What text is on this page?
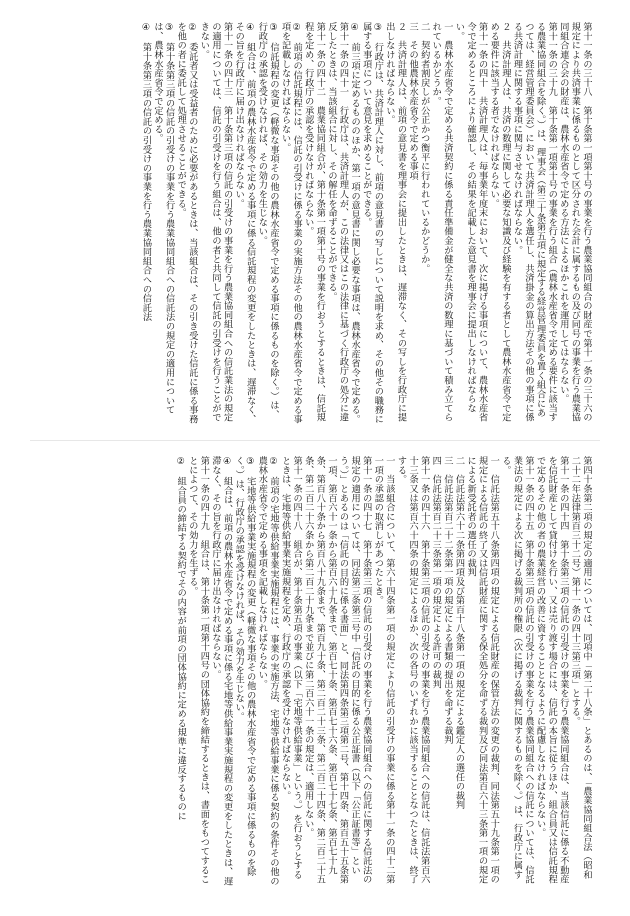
第十一条の三十八　第十条第一項第十号の事業を行う農業協同組合の財産で第十一条の三十六の規定により共済事業に係るものとして区分された会計に属するもの及び同号の事業を行う農業協同組合連合会の財産は、農林水産省令で定める方法によるほかこれを運用してはならない。

第十一条の三十九　第十条第一項第十号の事業を行う組合（農林水産省令で定める要件に該当する農業協同組合を除く。）は、理事会（第三十条第五項に規定する経営管理委員を置く組合にあつては、経営管理委員会）において共済計理人を選任し、共済掛金の算出方法その他の事項に係る共済計理に関する事項に関与させなければならない。

２　共済計理人は、共済の数理に関して必要な知識及び経験を有する者として農林水産省令で定める要件に該当する者でなければならない。

第十一条の四十　共済計理人は、毎事業年度末において、次に掲げる事項について、農林水産省令で定めるところにより確認し、その結果を記載した意見書を理事会に提出しなければならない。

一　農林水産省令で定める共済契約に係る責任準備金が健全な共済の数理に基づいて積み立てられているかどうか。

二　契約者割戻しが公正かつ衡平に行われているかどうか。

三　その他農林水産省令で定める事項

２　共済計理人は、前項の意見書を理事会に提出したときは、遅滞なく、その写しを行政庁に提出しなければならない。

③　行政庁は、共済計理人に対し、前項の意見書の写しについて説明を求め、その他その職務に属する事項について意見を求めることができる。

④　前三項に定めるもののほか、第一項の意見書に関し必要な事項は、農林水産省令で定める。

第十一条の四十一　行政庁は、共済計理人が、この法律又はこの法律に基づく行政庁の処分に違反したときは、当該組合に対し、その解任を命ずることができる。

第十一条の四十二　農業協同組合が、第十条第一項第十号の事業を行おうとするときは、信託規程を定め、行政庁の承認を受けなければならない。

②　前項の信託規程には、信託の引受けに係る事業の実施方法その他の農林水産省令で定める事項を記載しなければならない。

③　信託規程の変更（軽微な事項その他の農林水産省令で定める事項に係るものを除く。）は、行政庁の承認を受けなければ、その効力を生じない。

④　組合は、前項の農林水産省令で定める事項に係る信託規程の変更をしたときは、遅滞なく、その旨を行政庁に届け出なければならない。

第十一条の四十三　第十条第三項の信託の引受けの事業を行う農業協同組合への信託業法の規定の適用については、信託の引受けを行う組合は、他の者と共同して信託の引受けを行うことができない。

②　委託者又は受益者のために必要があるときは、当該組合は、その引き受けた信託に係る事務を他の者に委託して処理させることができる。

③　第十条第三項の信託の引受けの事業を行う農業協同組合への信託法の規定の適用については、農林水産省令で定める。

④　第十条第三項の信託の引受けの事業を行う農業協同組合への信託法

第四十条第二項の規定の適用については、同項中「第二十八条」とあるのは、「農業協同組合法（昭和二十二年法律第百三十二号）第十一条の四十三第三項」とする。

第十一条の四十四　第十条第三項の信託の引受けの事業を行う農業協同組合は、当該信託に係る不動産を信託財産として貸付けを行い、又は売り渡す場合には、信託の本旨に従うほか、組合員又は信託規程で定めるその他の者の農業経営の改善に資することとなるように配慮しなければならない。

第十一条の四十五　第十条第三項の信託の引受けの事業を行う農業協同組合への信託については、信託業法の規定による次に掲げる裁判所の権限（次に掲げる裁判に関するものを除く。）は、行政庁に属する。

一　信託法第五十八条第四項の規定による信託財産の保管方法の変更の裁判、同法第五十九条第一項の規定による信託の終了又は信託財産に関する保全処分を命ずる裁判及び同法第百六十三条第一項の規定による新受託者の選任の裁判

二　信託法第六十二条第四項及び第百十八条第一項の規定による鑑定人の選任の裁判

三　信託法第百二十二条第一項の規定による書類の提出を命ずる裁判

四　信託法第百二十三条第一項の規定による許可の裁判

第十一条の四十六　第十条第三項の信託の引受けの事業を行う農業協同組合への信託は、信託法第百六十三条又は第百六十四条の規定によるほか、次の各号のいずれかに該当することとなつたときは、終了する。

一　当該組合について、第六十四条第一項の規定により信託の引受けの事業に係る第十一条の四十二第一項の承認の取消しがあつたとき。

第十一条の四十七　第十条第三項の信託の引受けの事業を行う農業協同組合への信託に関する信託法の規定の適用については、同法第三条第三号中「信託の目的に係る公正証書（以下「公正証書等」という。）」とあるのは「信託の目的に係る書面」と、同法第四条第三項第二号、第十四条、第百五十五条第一項、第百六十一条から第百六十九条まで、第百七十条、第百七十六条、第百七十七条、第百七十九条、第百八十条から第百八十九条まで、第百九十条、第二百二十三条、第二百二十四条、第二百二十五条、第二百二十六条から第二百二十九条まで並びに第二百六十一条の規定は、適用しない。

第十一条の四十八　組合が、第十条第五項の事業（以下「宅地等供給事業」という。）を行おうとするときは、宅地等供給事業実施規程を定め、行政庁の承認を受けなければならない。

②　前項の宅地等供給事業実施規程には、事業の実施方法、宅地等供給事業に係る契約の条件その他の農林水産省令で定める事項を記載しなければならない。

③　宅地等供給事業実施規程の変更（軽微な事項その他の農林水産省令で定める事項に係るものを除く。）は、行政庁の承認を受けなければ、その効力を生じない。

④　組合は、前項の農林水産省令で定める事項に係る宅地等供給事業実施規程の変更をしたときは、遅滞なく、その旨を行政庁に届け出なければならない。

第十一条の四十九　組合は、第十条第一項第十四号の団体協約を締結するときは、書面をもつてすることによつて、その効力を生ずる。

②　組合員の締結する契約でその内容が前項の団体協約に定める規準に違反するものに
